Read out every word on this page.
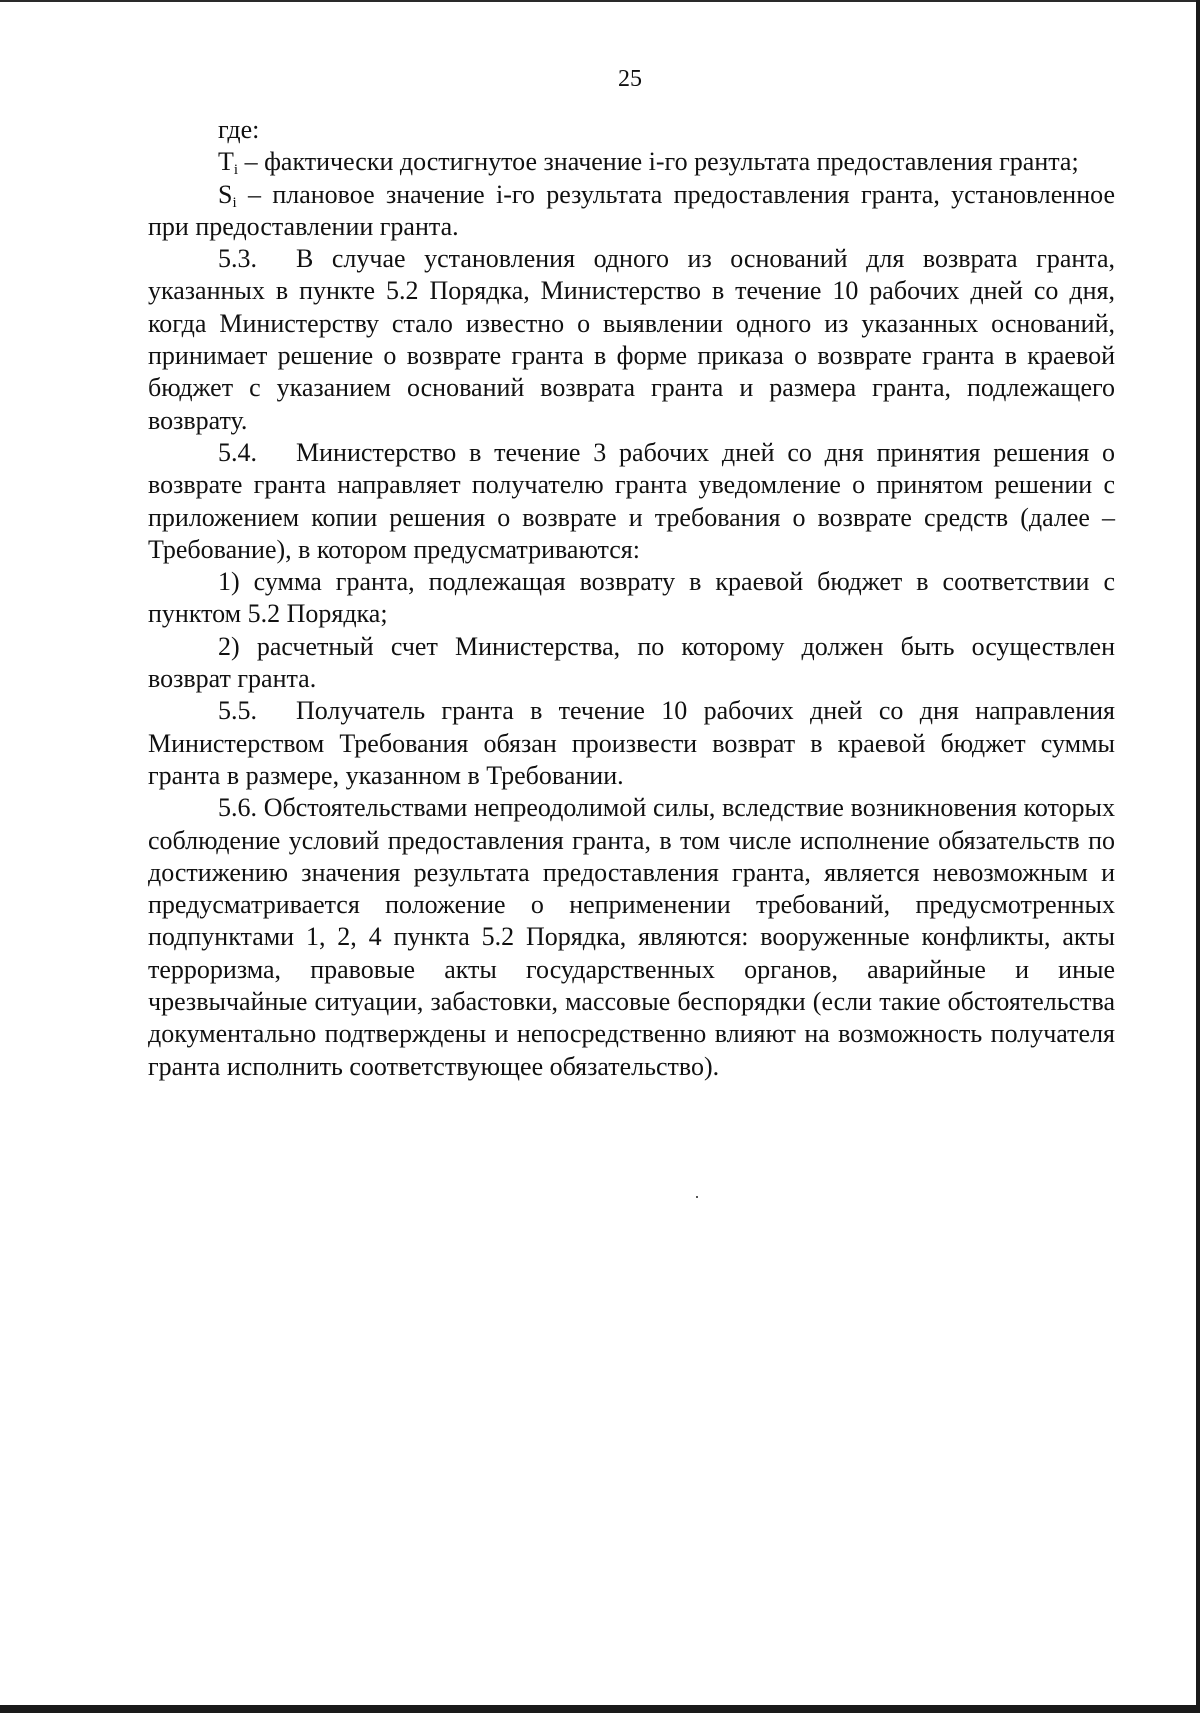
25

где:

$T_i$ – фактически достигнутое значение i-го результата предоставления гранта;

$S_i$ – плановое значение i-го результата предоставления гранта, установленное при предоставлении гранта.

5.3. В случае установления одного из оснований для возврата гранта, указанных в пункте 5.2 Порядка, Министерство в течение 10 рабочих дней со дня, когда Министерству стало известно о выявлении одного из указанных оснований, принимает решение о возврате гранта в форме приказа о возврате гранта в краевой бюджет с указанием оснований возврата гранта и размера гранта, подлежащего возврату.

5.4. Министерство в течение 3 рабочих дней со дня принятия решения о возврате гранта направляет получателю гранта уведомление о принятом решении с приложением копии решения о возврате и требования о возврате средств (далее – Требование), в котором предусматриваются:

1) сумма гранта, подлежащая возврату в краевой бюджет в соответствии с пунктом 5.2 Порядка;

2) расчетный счет Министерства, по которому должен быть осуществлен возврат гранта.

5.5. Получатель гранта в течение 10 рабочих дней со дня направления Министерством Требования обязан произвести возврат в краевой бюджет суммы гранта в размере, указанном в Требовании.

5.6. Обстоятельствами непреодолимой силы, вследствие возникновения которых соблюдение условий предоставления гранта, в том числе исполнение обязательств по достижению значения результата предоставления гранта, является невозможным и предусматривается положение о неприменении требований, предусмотренных подпунктами 1, 2, 4 пункта 5.2 Порядка, являются: вооруженные конфликты, акты терроризма, правовые акты государственных органов, аварийные и иные чрезвычайные ситуации, забастовки, массовые беспорядки (если такие обстоятельства документально подтверждены и непосредственно влияют на возможность получателя гранта исполнить соответствующее обязательство).
